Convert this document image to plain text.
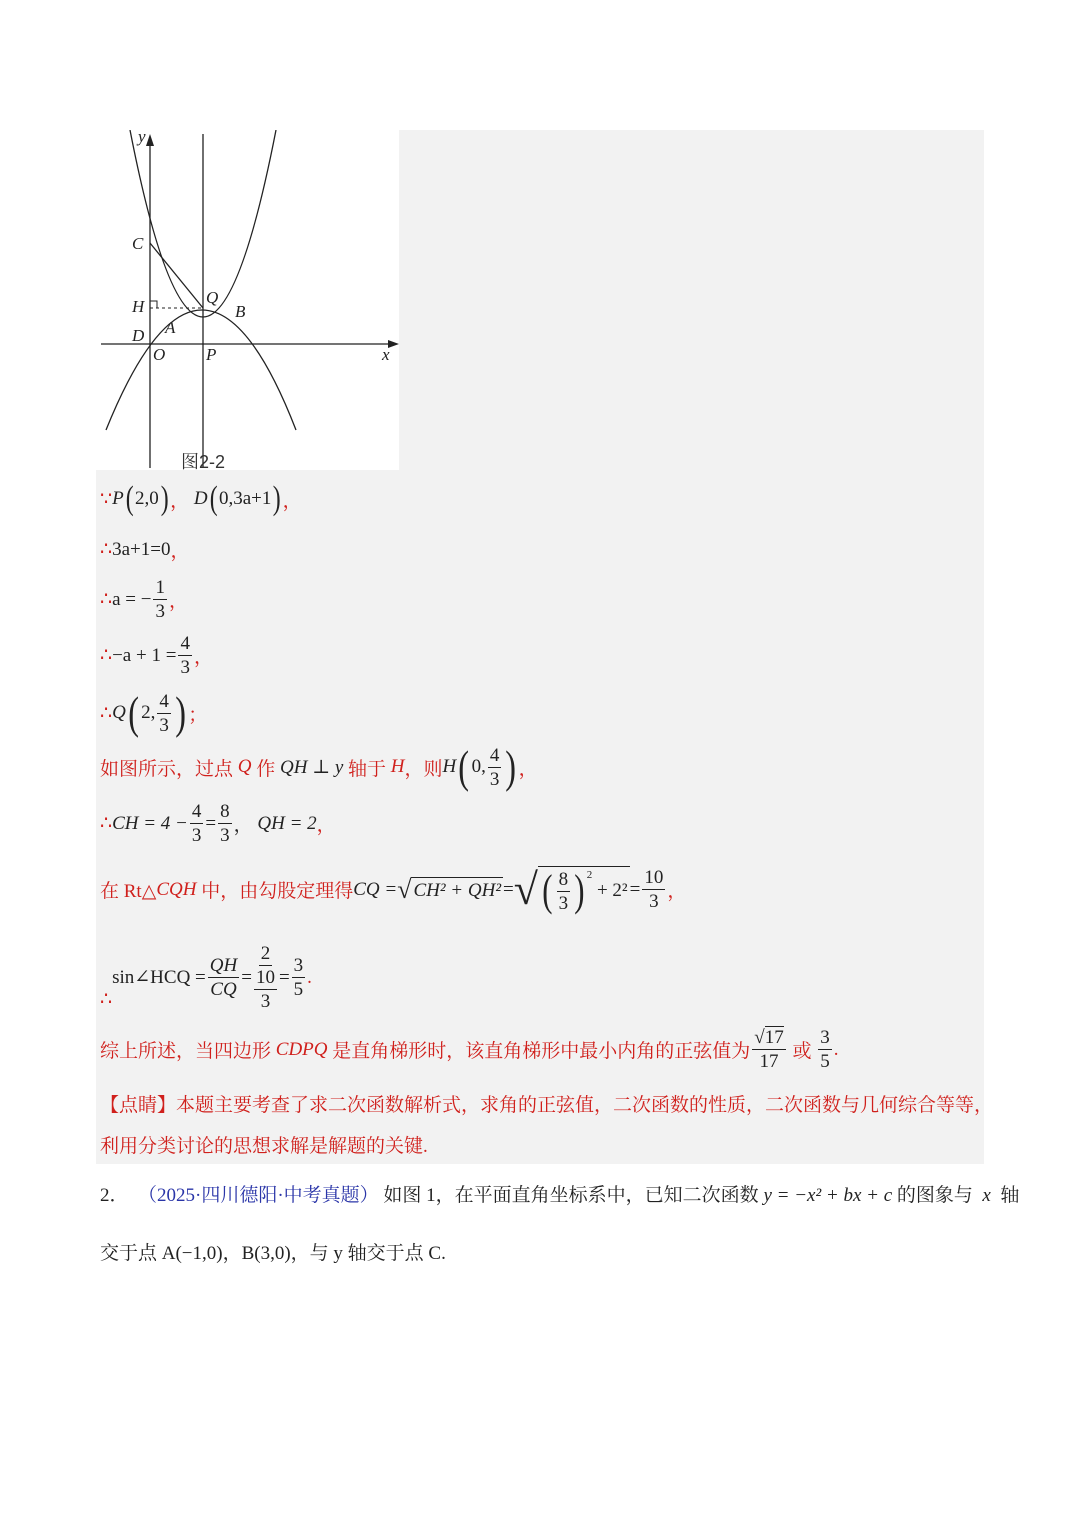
y
x
C
H
D A
O P
Q
B
图2-2
∵ P ( 2,0 ) ，
D ( 0,3a+1 ) ，
∴ 3a+1=0 ，
∴ a = − $\frac{1}{3}$ ，
∴ $-a + 1 = \frac{4}{3}$ ，
∴ Q ( 2, $\frac{4}{3}$ ) ；
如图所示，过点
Q
作
QH ⊥ y
轴于
H ，则 H ( 0, $\frac{4}{3}$ ) ，
∴ CH = $4 - \frac{4}{3} = \frac{8}{3}$ ，
QH = 2 ，
在 Rt△ CQH
中，由勾股定理得 CQ = √ CH² + QH² = √ ( $\frac{8}{3} )^2$

+ $2^2 = \frac{10}{3}$ ，
∴
sin∠HCQ = $\frac{QH}{CQ} = \frac{2}{\frac{10}{3}} = \frac{3}{5}$ .
综上所述，当四边形
CDPQ
是直角梯形时，该直角梯形中最小内角的正弦值为 $\frac{√17}{17}$
或
$\frac{3}{5}$ .
【点睛】本题主要考查了求二次函数解析式，求角的正弦值，二次函数的性质，二次函数与几何综合等等，
利用分类讨论的思想求解是解题的关键.
2． （2025·四川德阳·中考真题） 如图 1，在平面直角坐标系中，已知二次函数 y = −x² + bx + c 的图象与 x 轴
交于点 A(−1,0)，B(3,0)，与 y 轴交于点 C.
